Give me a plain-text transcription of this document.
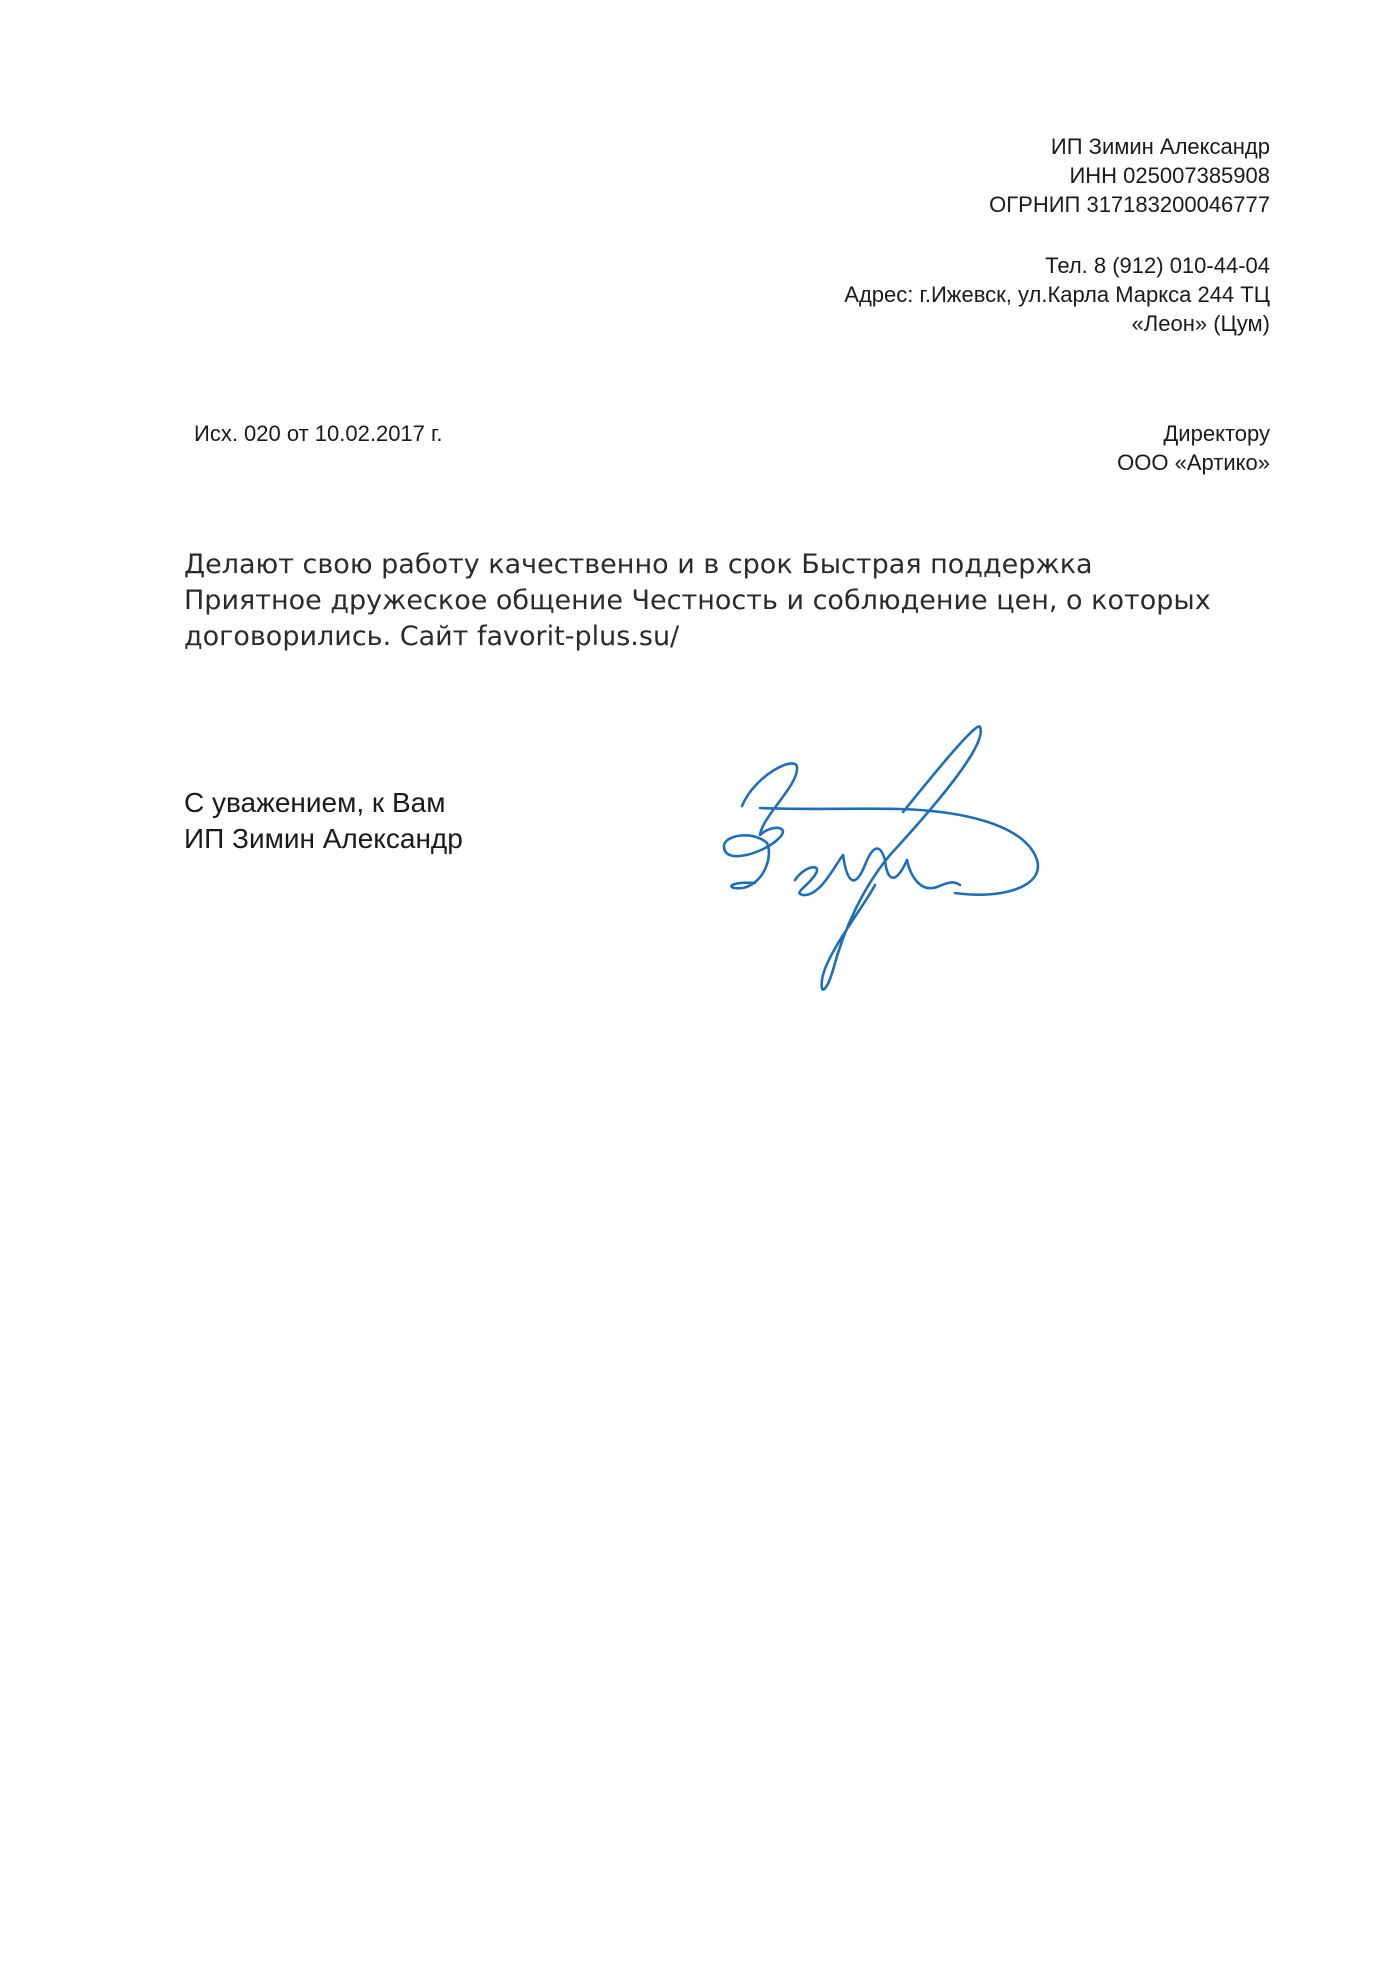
ИП Зимин Александр
ИНН 025007385908
ОГРНИП 317183200046777
Тел. 8 (912) 010-44-04
Адрес: г.Ижевск, ул.Карла Маркса 244 ТЦ
«Леон» (Цум)
Исх. 020 от 10.02.2017 г.	Директору
ООО «Артико»
Делают свою работу качественно и в срок Быстрая поддержка
Приятное дружеское общение Честность и соблюдение цен, о которых
договорились. Сайт favorit-plus.su/
С уважением, к Вам
ИП Зимин Александр
